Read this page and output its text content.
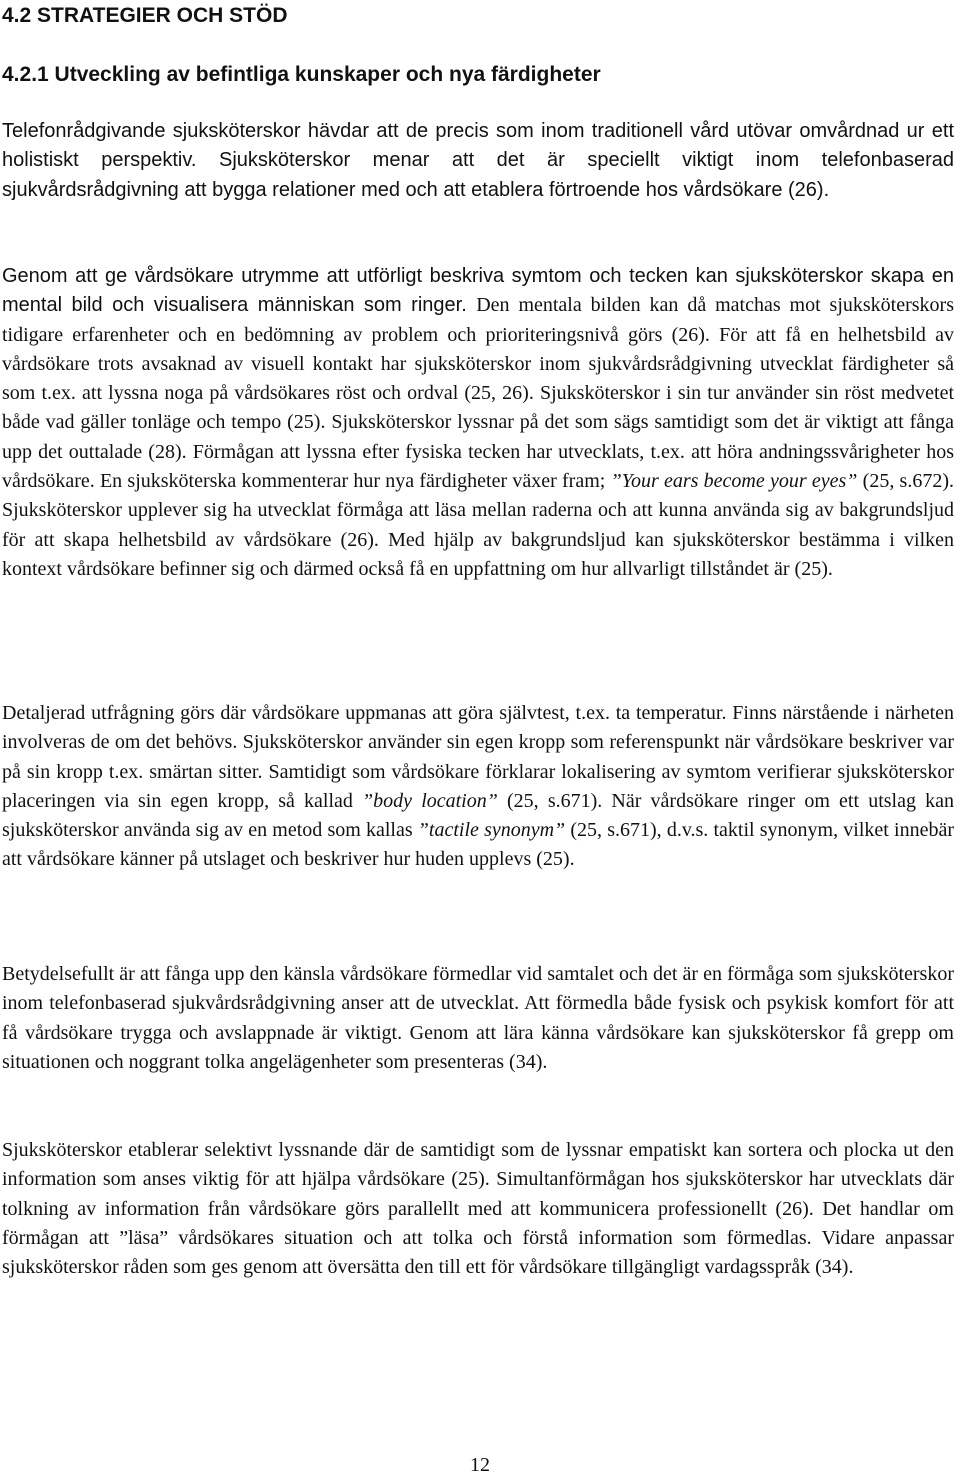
4.2 STRATEGIER OCH STÖD
4.2.1 Utveckling av befintliga kunskaper och nya färdigheter

Telefonrådgivande sjuksköterskor hävdar att de precis som inom traditionell vård utövar omvårdnad ur ett holistiskt perspektiv. Sjuksköterskor menar att det är speciellt viktigt inom telefonbaserad sjukvårdsrådgivning att bygga relationer med och att etablera förtroende hos vårdsökare (26).

Genom att ge vårdsökare utrymme att utförligt beskriva symtom och tecken kan sjuksköterskor skapa en mental bild och visualisera människan som ringer. Den mentala bilden kan då matchas mot sjuksköterskors tidigare erfarenheter och en bedömning av problem och prioriteringsnivå görs (26). För att få en helhetsbild av vårdsökare trots avsaknad av visuell kontakt har sjuksköterskor inom sjukvårdsrådgivning utvecklat färdigheter så som t.ex. att lyssna noga på vårdsökares röst och ordval (25, 26). Sjuksköterskor i sin tur använder sin röst medvetet både vad gäller tonläge och tempo (25). Sjuksköterskor lyssnar på det som sägs samtidigt som det är viktigt att fånga upp det outtalade (28). Förmågan att lyssna efter fysiska tecken har utvecklats, t.ex. att höra andningssvårigheter hos vårdsökare. En sjuksköterska kommenterar hur nya färdigheter växer fram; ”Your ears become your eyes” (25, s.672). Sjuksköterskor upplever sig ha utvecklat förmåga att läsa mellan raderna och att kunna använda sig av bakgrundsljud för att skapa helhetsbild av vårdsökare (26). Med hjälp av bakgrundsljud kan sjuksköterskor bestämma i vilken kontext vårdsökare befinner sig och därmed också få en uppfattning om hur allvarligt tillståndet är (25).

Detaljerad utfrågning görs där vårdsökare uppmanas att göra självtest, t.ex. ta temperatur. Finns närstående i närheten involveras de om det behövs. Sjuksköterskor använder sin egen kropp som referenspunkt när vårdsökare beskriver var på sin kropp t.ex. smärtan sitter. Samtidigt som vårdsökare förklarar lokalisering av symtom verifierar sjuksköterskor placeringen via sin egen kropp, så kallad ”body location” (25, s.671). När vårdsökare ringer om ett utslag kan sjuksköterskor använda sig av en metod som kallas ”tactile synonym” (25, s.671), d.v.s. taktil synonym, vilket innebär att vårdsökare känner på utslaget och beskriver hur huden upplevs (25).

Betydelsefullt är att fånga upp den känsla vårdsökare förmedlar vid samtalet och det är en förmåga som sjuksköterskor inom telefonbaserad sjukvårdsrådgivning anser att de utvecklat. Att förmedla både fysisk och psykisk komfort för att få vårdsökare trygga och avslappnade är viktigt. Genom att lära känna vårdsökare kan sjuksköterskor få grepp om situationen och noggrant tolka angelägenheter som presenteras (34).

Sjuksköterskor etablerar selektivt lyssnande där de samtidigt som de lyssnar empatiskt kan sortera och plocka ut den information som anses viktig för att hjälpa vårdsökare (25). Simultanförmågan hos sjuksköterskor har utvecklats där tolkning av information från vårdsökare görs parallellt med att kommunicera professionellt (26). Det handlar om förmågan att ”läsa” vårdsökares situation och att tolka och förstå information som förmedlas. Vidare anpassar sjuksköterskor råden som ges genom att översätta den till ett för vårdsökare tillgängligt vardagsspråk (34).

12
